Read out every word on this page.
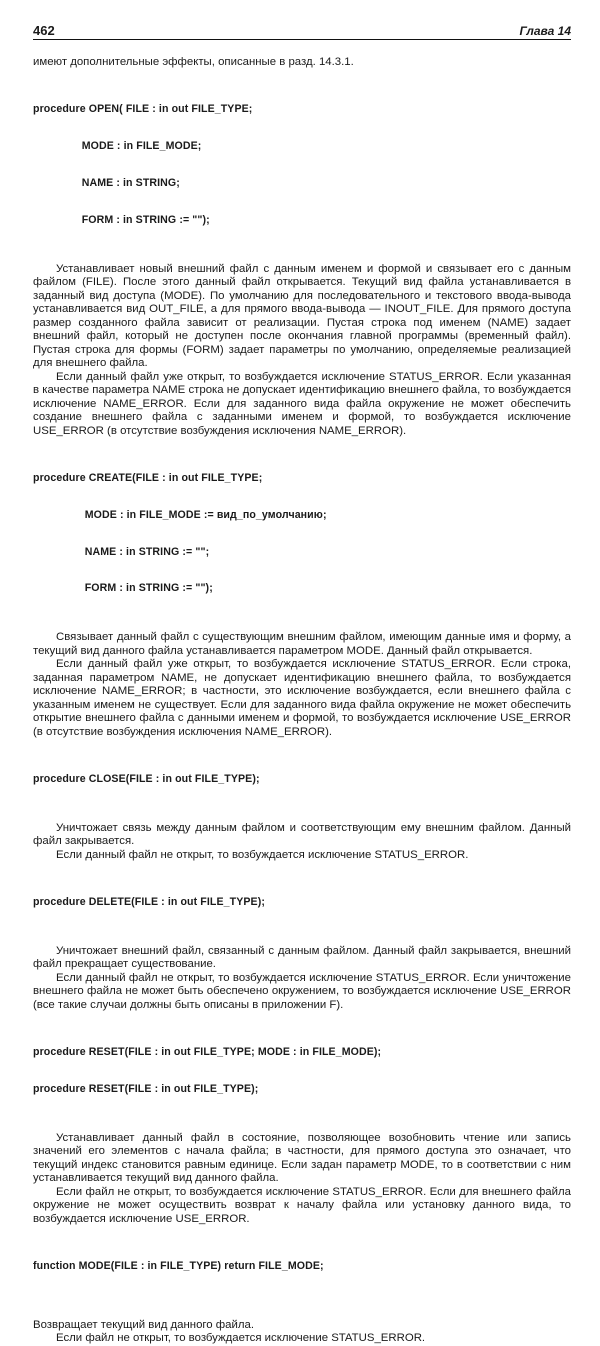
462	Глава 14

имеют дополнительные эффекты, описанные в разд. 14.3.1.

procedure OPEN( FILE : in out FILE_TYPE;

MODE : in FILE_MODE;

NAME : in STRING;

FORM : in STRING := "");

Устанавливает новый внешний файл с данным именем и формой и связывает его с данным файлом (FILE). После этого данный файл открывается. Текущий вид файла устанавливается в заданный вид доступа (MODE). По умолчанию для последовательного и текстового ввода-вывода устанавливается вид OUT_FILE, а для прямого ввода-вывода — INOUT_FILE. Для прямого доступа размер созданного файла зависит от реализации. Пустая строка под именем (NAME) задает внешний файл, который не доступен после окончания главной программы (временный файл). Пустая строка для формы (FORM) задает параметры по умолчанию, определяемые реализацией для внешнего файла.

Если данный файл уже открыт, то возбуждается исключение STATUS_ERROR. Если указанная в качестве параметра NAME строка не допускает идентификацию внешнего файла, то возбуждается исключение NAME_ERROR. Если для заданного вида файла окружение не может обеспечить создание внешнего файла с заданными именем и формой, то возбуждается исключение USE_ERROR (в отсутствие возбуждения исключения NAME_ERROR).

procedure CREATE(FILE : in out FILE_TYPE;

MODE : in FILE_MODE := вид_по_умолчанию;

NAME : in STRING := "";

FORM : in STRING := "");

Связывает данный файл с существующим внешним файлом, имеющим данные имя и форму, а текущий вид данного файла устанавливается параметром MODE. Данный файл открывается.

Если данный файл уже открыт, то возбуждается исключение STATUS_ERROR. Если строка, заданная параметром NAME, не допускает идентификацию внешнего файла, то возбуждается исключение NAME_ERROR; в частности, это исключение возбуждается, если внешнего файла с указанным именем не существует. Если для заданного вида файла окружение не может обеспечить открытие внешнего файла с данными именем и формой, то возбуждается исключение USE_ERROR (в отсутствие возбуждения исключения NAME_ERROR).

procedure CLOSE(FILE : in out FILE_TYPE);

Уничтожает связь между данным файлом и соответствующим ему внешним файлом. Данный файл закрывается.

Если данный файл не открыт, то возбуждается исключение STATUS_ERROR.

procedure DELETE(FILE : in out FILE_TYPE);

Уничтожает внешний файл, связанный с данным файлом. Данный файл закрывается, внешний файл прекращает существование.

Если данный файл не открыт, то возбуждается исключение STATUS_ERROR. Если уничтожение внешнего файла не может быть обеспечено окружением, то возбуждается исключение USE_ERROR (все такие случаи должны быть описаны в приложении F).

procedure RESET(FILE : in out FILE_TYPE; MODE : in FILE_MODE);

procedure RESET(FILE : in out FILE_TYPE);

Устанавливает данный файл в состояние, позволяющее возобновить чтение или запись значений его элементов с начала файла; в частности, для прямого доступа это означает, что текущий индекс становится равным единице. Если задан параметр MODE, то в соответствии с ним устанавливается текущий вид данного файла.

Если файл не открыт, то возбуждается исключение STATUS_ERROR. Если для внешнего файла окружение не может осуществить возврат к началу файла или установку данного вида, то возбуждается исключение USE_ERROR.

function MODE(FILE : in FILE_TYPE) return FILE_MODE;

Возвращает текущий вид данного файла.

Если файл не открыт, то возбуждается исключение STATUS_ERROR.
